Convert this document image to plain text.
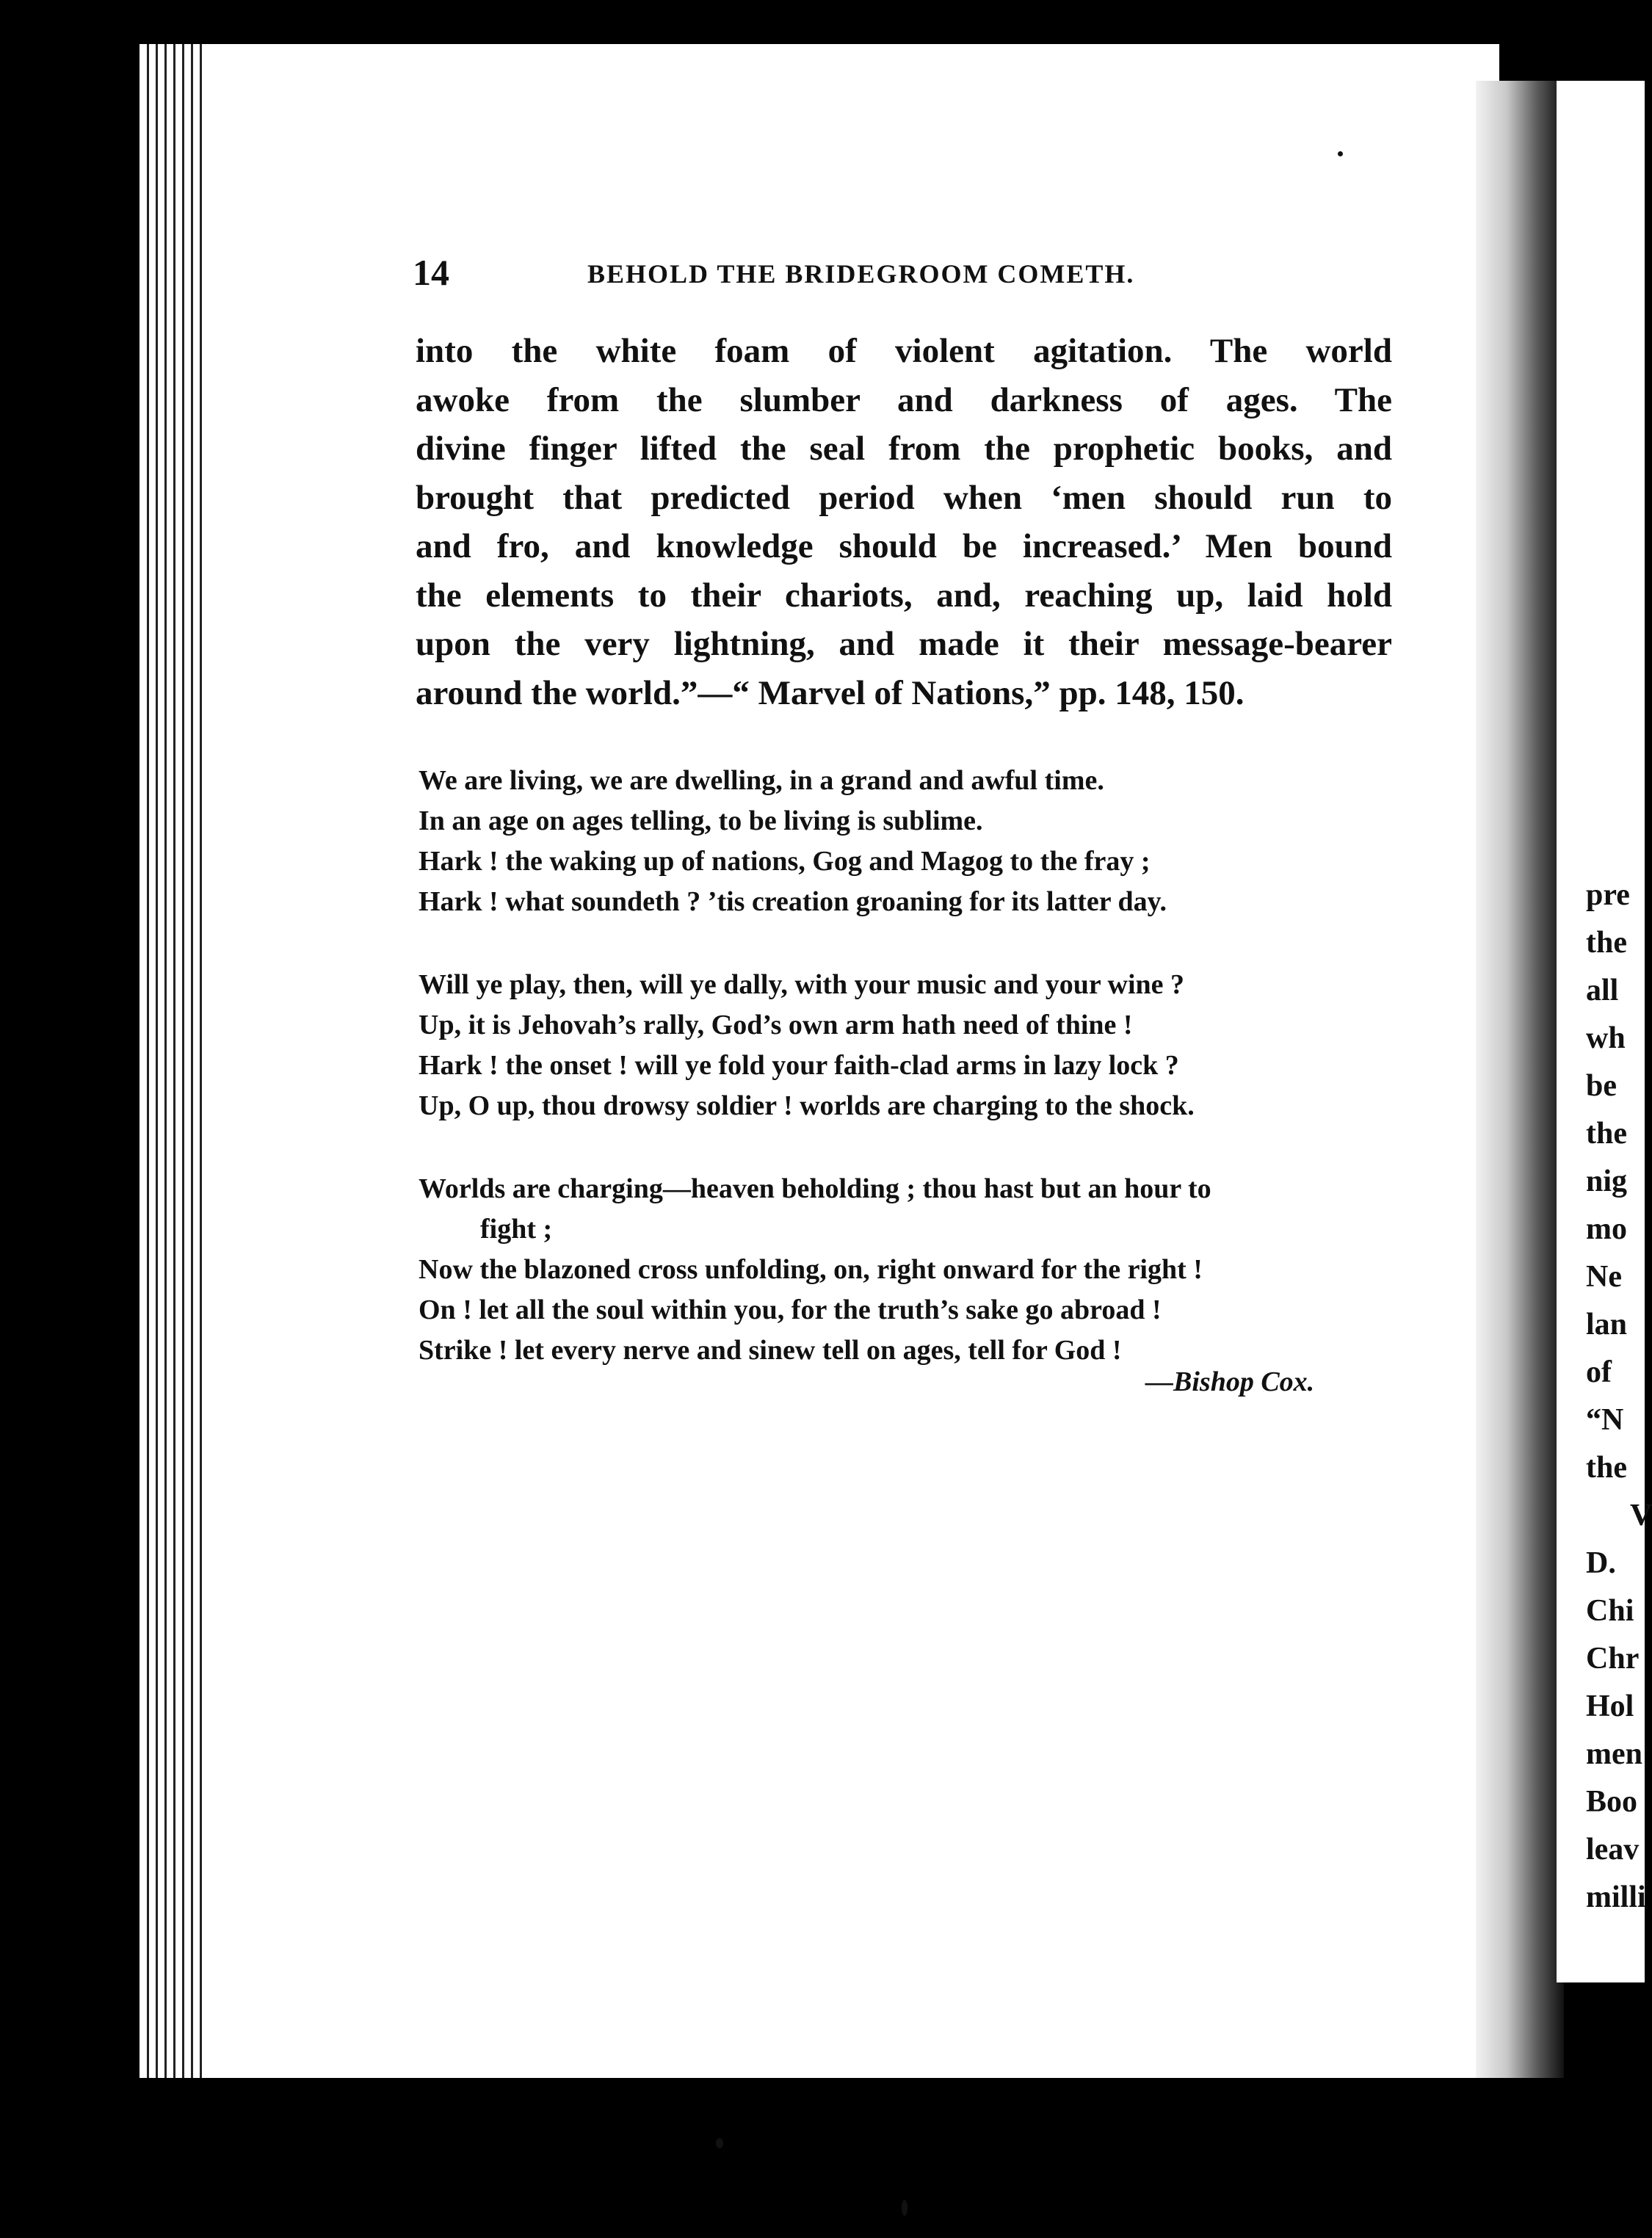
pre
the
all
wh
be
the
nig
mo
Ne
lan
of
“N
the
V
D.
Chi
Chr
Hol
men
Boo
leav
milli
14	BEHOLD THE BRIDEGROOM COMETH.
into the white foam of violent agitation. The world
awoke from the slumber and darkness of ages. The
divine finger lifted the seal from the prophetic books, and
brought that predicted period when ‘men should run to
and fro, and knowledge should be increased.’ Men bound
the elements to their chariots, and, reaching up, laid hold
upon the very lightning, and made it their message-bearer
around the world.”—“ Marvel of Nations,” pp. 148, 150.
We are living, we are dwelling, in a grand and awful time.
In an age on ages telling, to be living is sublime.
Hark ! the waking up of nations, Gog and Magog to the fray ;
Hark ! what soundeth ? ’tis creation groaning for its latter day.
Will ye play, then, will ye dally, with your music and your wine ?
Up, it is Jehovah’s rally, God’s own arm hath need of thine !
Hark ! the onset ! will ye fold your faith-clad arms in lazy lock ?
Up, O up, thou drowsy soldier ! worlds are charging to the shock.
Worlds are charging—heaven beholding ; thou hast but an hour to
fight ;
Now the blazoned cross unfolding, on, right onward for the right !
On ! let all the soul within you, for the truth’s sake go abroad !
Strike ! let every nerve and sinew tell on ages, tell for God !
—Bishop Cox.
